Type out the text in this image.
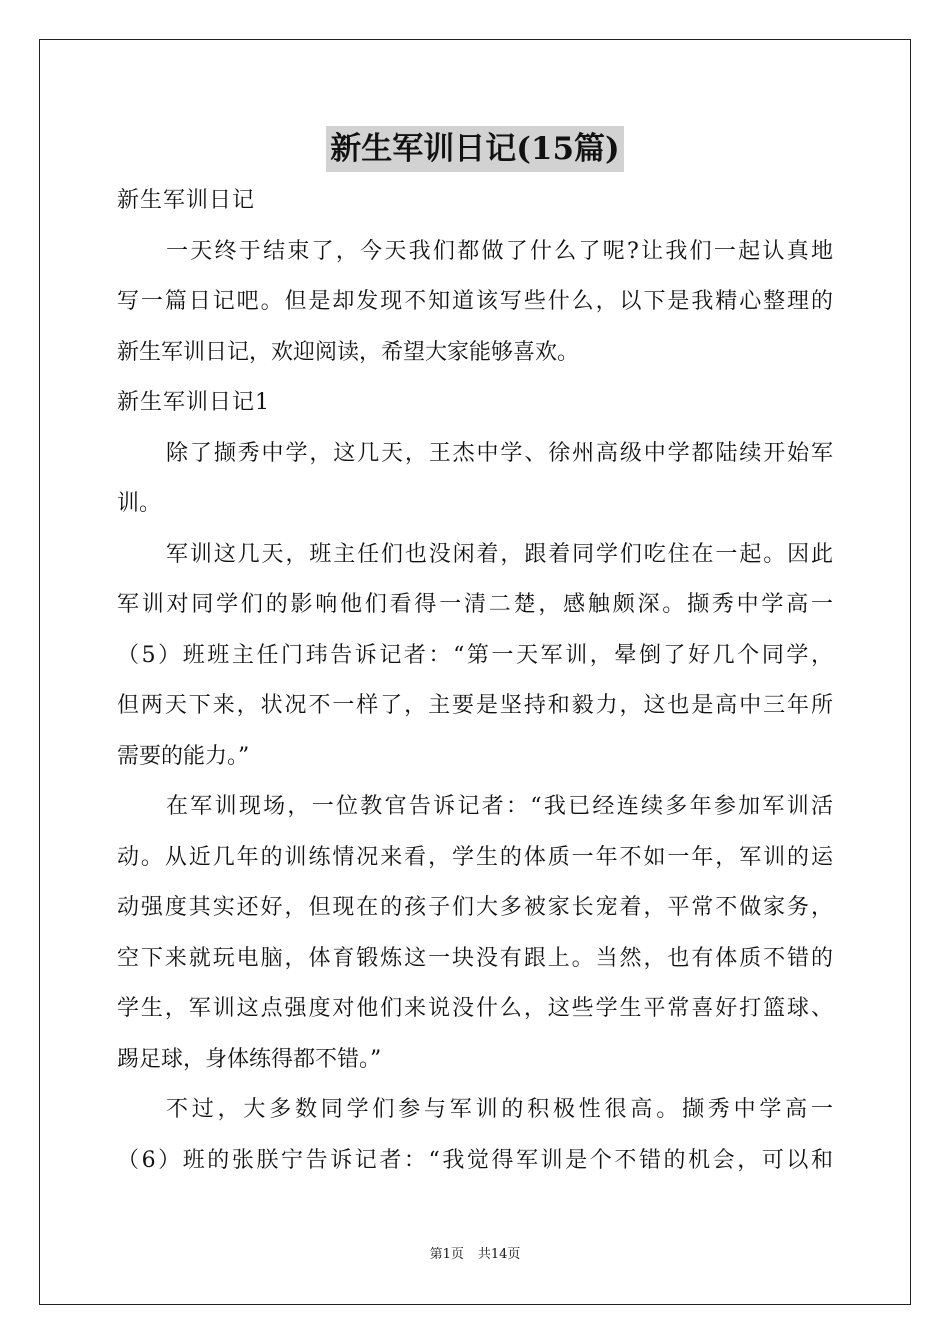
新生军训日记(15篇)
新生军训日记
一天终于结束了，今天我们都做了什么了呢?让我们一起认真地
写一篇日记吧。但是却发现不知道该写些什么，以下是我精心整理的
新生军训日记，欢迎阅读，希望大家能够喜欢。
新生军训日记1
除了撷秀中学，这几天，王杰中学、徐州高级中学都陆续开始军
训。
军训这几天，班主任们也没闲着，跟着同学们吃住在一起。因此
军训对同学们的影响他们看得一清二楚，感触颇深。撷秀中学高一
（5）班班主任门玮告诉记者：“第一天军训，晕倒了好几个同学，
但两天下来，状况不一样了，主要是坚持和毅力，这也是高中三年所
需要的能力。”
在军训现场，一位教官告诉记者：“我已经连续多年参加军训活
动。从近几年的训练情况来看，学生的体质一年不如一年，军训的运
动强度其实还好，但现在的孩子们大多被家长宠着，平常不做家务，
空下来就玩电脑，体育锻炼这一块没有跟上。当然，也有体质不错的
学生，军训这点强度对他们来说没什么，这些学生平常喜好打篮球、
踢足球，身体练得都不错。”
不过，大多数同学们参与军训的积极性很高。撷秀中学高一
（6）班的张朕宁告诉记者：“我觉得军训是个不错的机会，可以和
第1页 共14页
